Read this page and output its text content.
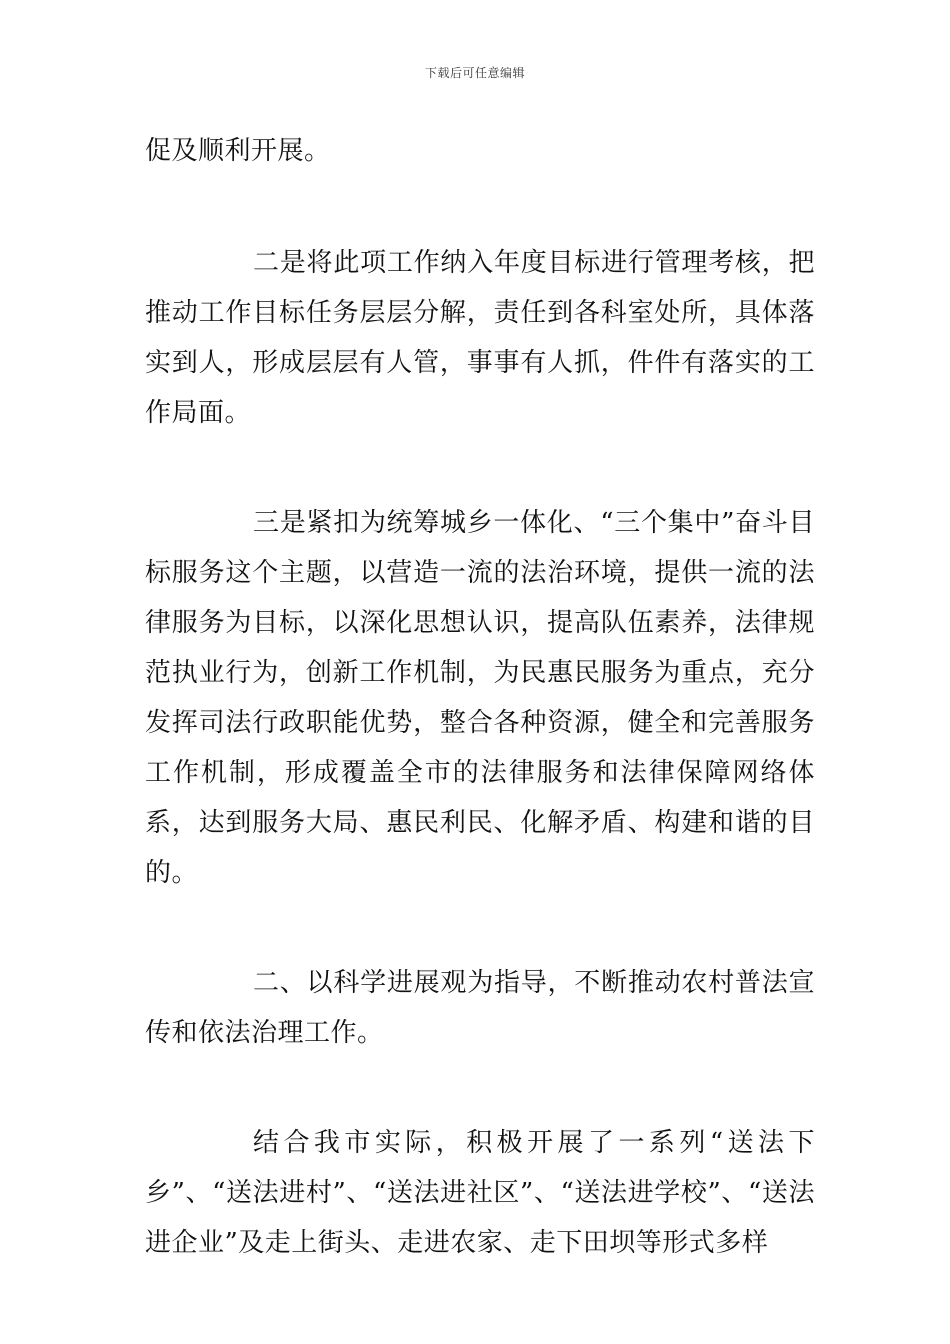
下载后可任意编辑

促及顺利开展。

二是将此项工作纳入年度目标进行管理考核，把推动工作目标任务层层分解，责任到各科室处所，具体落实到人，形成层层有人管，事事有人抓，件件有落实的工作局面。

三是紧扣为统筹城乡一体化、“三个集中”奋斗目标服务这个主题，以营造一流的法治环境，提供一流的法律服务为目标，以深化思想认识，提高队伍素养，法律规范执业行为，创新工作机制，为民惠民服务为重点，充分发挥司法行政职能优势，整合各种资源，健全和完善服务工作机制，形成覆盖全市的法律服务和法律保障网络体系，达到服务大局、惠民利民、化解矛盾、构建和谐的目的。

二、以科学进展观为指导，不断推动农村普法宣传和依法治理工作。

结合我市实际，积极开展了一系列“送法下乡”、“送法进村”、“送法进社区”、“送法进学校”、“送法进企业”及走上街头、走进农家、走下田坝等形式多样
